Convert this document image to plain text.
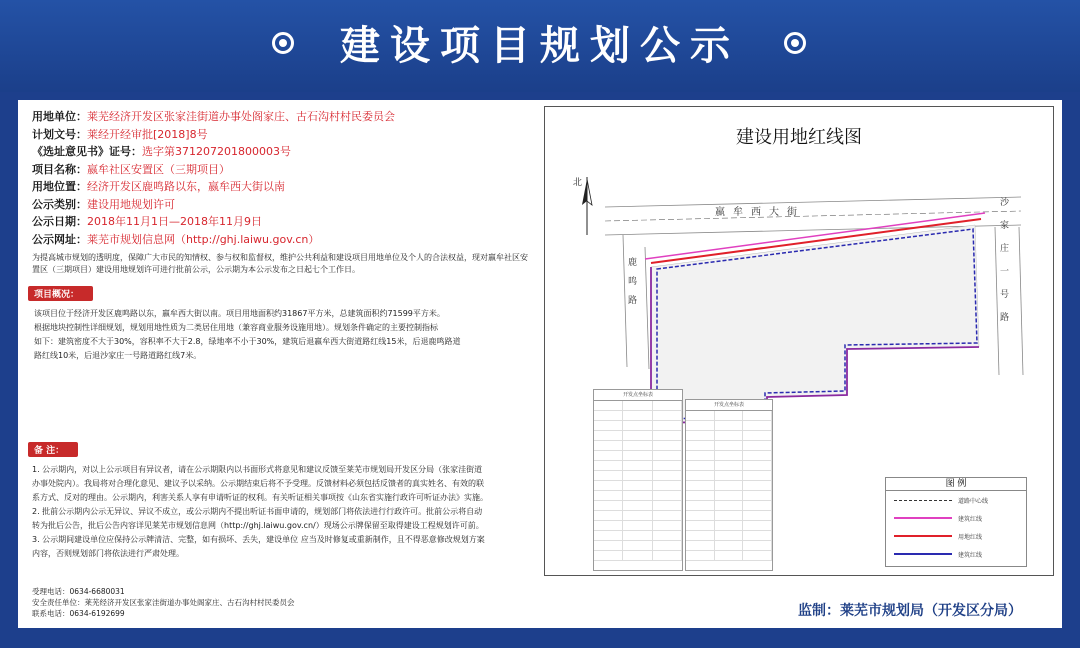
建设项目规划公示
用地单位：莱芜经济开发区张家洼街道办事处阁家庄、古石沟村村民委员会
计划文号：莱经开经审批[2018]8号
《选址意见书》证号：选字第371207201800003号
项目名称：嬴牟社区安置区（三期项目）
用地位置：经济开发区鹿鸣路以东，嬴牟西大街以南
公示类别：建设用地规划许可
公示日期：2018年11月1日—2018年11月9日
公示网址：莱芜市规划信息网（http://ghj.laiwu.gov.cn）
为提高城市规划的透明度，保障广大市民的知情权、参与权和监督权，维护公共利益和建设项目用地单位及个人的合法权益，现对嬴牟社区安置区（三期项目）建设用地规划许可进行批前公示，公示期为本公示发布之日起七个工作日。
项目概况：
该项目位于经济开发区鹿鸣路以东，嬴牟西大街以南。项目用地面积约31867平方米，总建筑面积约71599平方米。
根据地块控制性详细规划，规划用地性质为二类居住用地（兼容商业服务设施用地）。规划条件确定的主要控制指标
如下：建筑密度不大于30%，容积率不大于2.8，绿地率不小于30%，建筑后退嬴牟西大街道路红线15米，后退鹿鸣路道
路红线10米，后退沙家庄一号路道路红线7米。
备 注：
1. 公示期内，对以上公示项目有异议者，请在公示期限内以书面形式将意见和建议反馈至莱芜市规划局开发区分局（张家洼街道
办事处院内）。我局将对合理化意见、建议予以采纳。公示期结束后将不予受理。反馈材料必须包括反馈者的真实姓名、有效的联
系方式、反对的理由。公示期内，利害关系人享有申请听证的权利。有关听证相关事项按《山东省实施行政许可听证办法》实施。
2. 批前公示期内公示无异议、异议不成立，或公示期内不提出听证书面申请的，规划部门将依法进行行政许可。批前公示将自动
转为批后公告，批后公告内容详见莱芜市规划信息网（http://ghj.laiwu.gov.cn/）现场公示牌保留至取得建设工程规划许可前。
3. 公示期间建设单位应保持公示牌清洁、完整，如有损坏、丢失，建设单位 应当及时修复或重新制作，且不得恶意修改规划方案
内容，否则规划部门将依法进行严肃处理。
受理电话：0634-6680031
安全责任单位：莱芜经济开发区张家洼街道办事处阁家庄、古石沟村村民委员会
联系电话：0634-6192699	监制：莱芜市规划局（开发区分局）
建设用地红线图
北
嬴牟西大街
鹿鸣路	沙家庄一号路
开发点坐标表
开发点坐标表
图 例
道路中心线
建筑红线
用地红线
建筑红线
